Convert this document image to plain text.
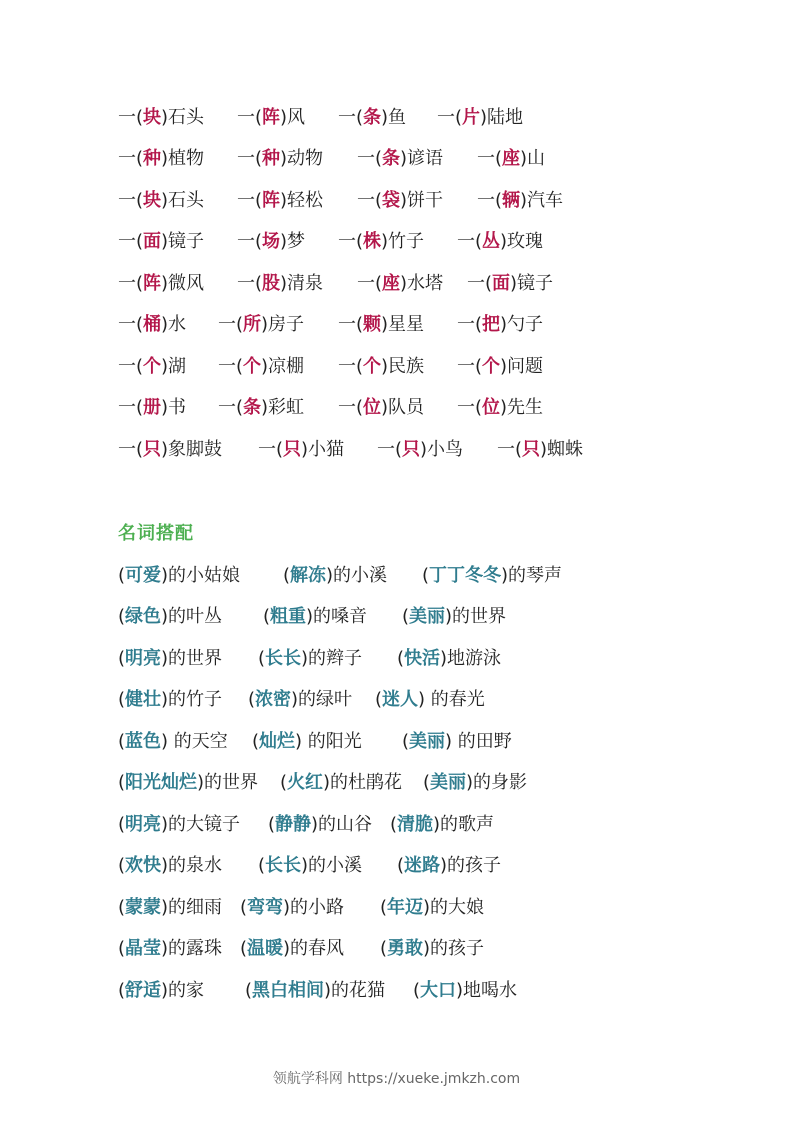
一(块)石头 一(阵)风 一(条)鱼 一(片)陆地
一(种)植物 一(种)动物 一(条)谚语 一(座)山
一(块)石头 一(阵)轻松 一(袋)饼干 一(辆)汽车
一(面)镜子 一(场)梦 一(株)竹子 一(丛)玫瑰
一(阵)微风 一(股)清泉 一(座)水塔 一(面)镜子
一(桶)水 一(所)房子 一(颗)星星 一(把)勺子
一(个)湖 一(个)凉棚 一(个)民族 一(个)问题
一(册)书 一(条)彩虹 一(位)队员 一(位)先生
一(只)象脚鼓 一(只)小猫 一(只)小鸟 一(只)蜘蛛
名词搭配
(可爱)的小姑娘 (解冻)的小溪 (丁丁冬冬)的琴声
(绿色)的叶丛 (粗重)的嗓音 (美丽)的世界
(明亮)的世界 (长长)的辫子 (快活)地游泳
(健壮)的竹子 (浓密)的绿叶 (迷人) 的春光
(蓝色) 的天空 (灿烂) 的阳光 (美丽) 的田野
(阳光灿烂)的世界 (火红)的杜鹃花 (美丽)的身影
(明亮)的大镜子 (静静)的山谷 (清脆)的歌声
(欢快)的泉水 (长长)的小溪 (迷路)的孩子
(蒙蒙)的细雨 (弯弯)的小路 (年迈)的大娘
(晶莹)的露珠 (温暖)的春风 (勇敢)的孩子
(舒适)的家 (黑白相间)的花猫 (大口)地喝水
领航学科网 https://xueke.jmkzh.com
